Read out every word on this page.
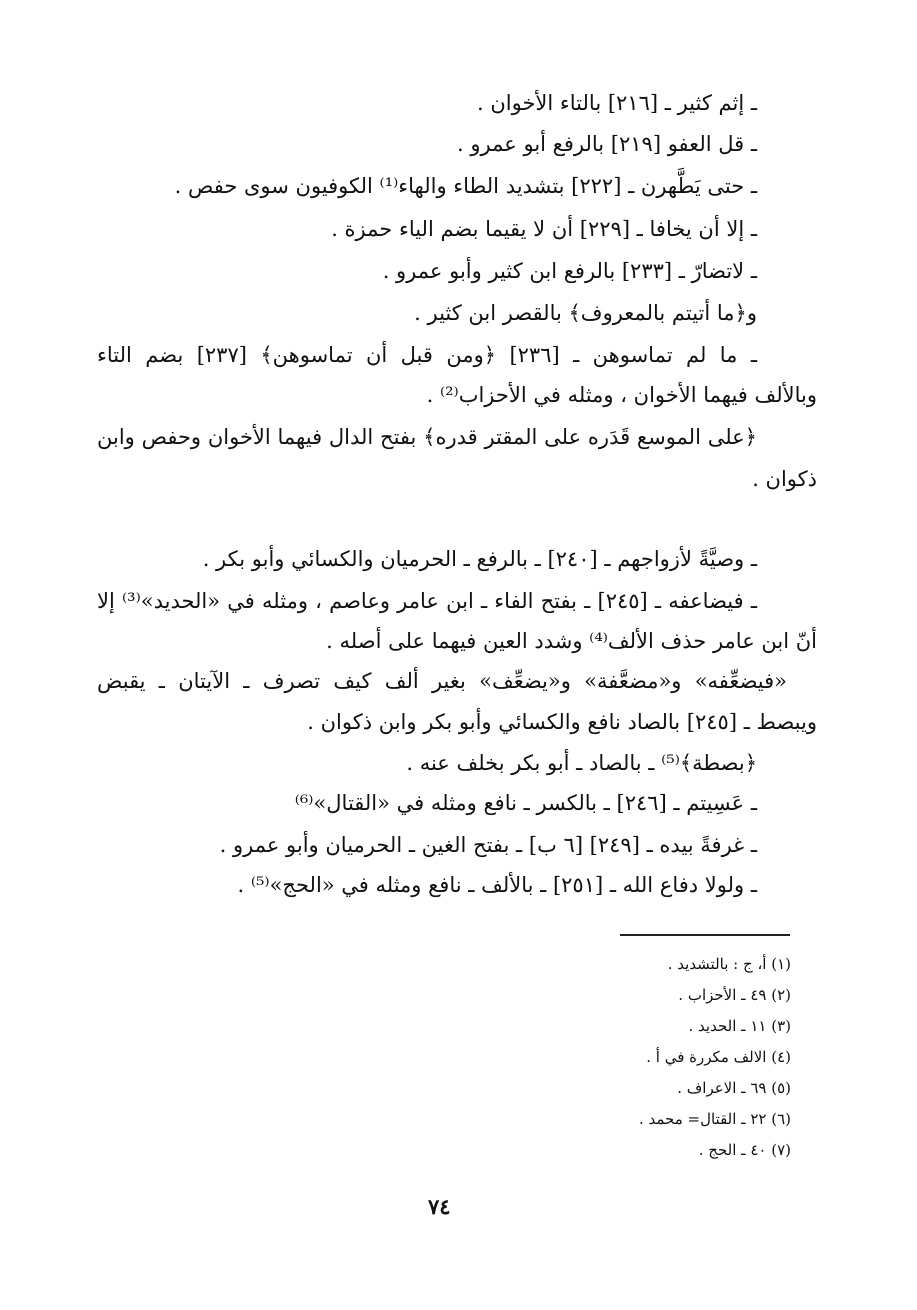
ـ إثم كثير ـ [٢١٦] بالتاء الأخوان .
ـ قل العفو [٢١٩] بالرفع أبو عمرو .
ـ حتى يَطَّهرن ـ [٢٢٢] بتشديد الطاء والهاء⁽¹⁾ الكوفيون سوى حفص .
ـ إلا أن يخافا ـ [٢٢٩] أن لا يقيما بضم الياء حمزة .
ـ لاتضارّ ـ [٢٣٣] بالرفع ابن كثير وأبو عمرو .
و﴿ما أتيتم بالمعروف﴾ بالقصر ابن كثير .
ـ ما لم تماسوهن ـ [٢٣٦] ﴿ومن قبل أن تماسوهن﴾ [٢٣٧] بضم التاء
وبالألف فيهما الأخوان ، ومثله في الأحزاب⁽²⁾ .
﴿على الموسع قَدَره على المقتر قدره﴾ بفتح الدال فيهما الأخوان وحفص وابن
ذكوان .
ـ وصيَّةً لأزواجهم ـ [٢٤٠] ـ بالرفع ـ الحرميان والكسائي وأبو بكر .
ـ فيضاعفه ـ [٢٤٥] ـ بفتح الفاء ـ ابن عامر وعاصم ، ومثله في «الحديد»⁽³⁾ إلا
أنّ ابن عامر حذف الألف⁽⁴⁾ وشدد العين فيهما على أصله .
«فيضعِّفه» و«مضعَّفة» و«يضعِّف» بغير ألف كيف تصرف ـ الآيتان ـ يقبض
ويبصط ـ [٢٤٥] بالصاد نافع والكسائي وأبو بكر وابن ذكوان .
﴿بصطة﴾⁽⁵⁾ ـ بالصاد ـ أبو بكر بخلف عنه .
ـ عَسِيتم ـ [٢٤٦] ـ بالكسر ـ نافع ومثله في «القتال»⁽⁶⁾
ـ غرفةً بيده ـ [٢٤٩] [٦ ب] ـ بفتح الغين ـ الحرميان وأبو عمرو .
ـ ولولا دفاع الله ـ [٢٥١] ـ بالألف ـ نافع ومثله في «الحج»⁽⁵⁾ .
(١) أ، ج : بالتشديد .
(٢) ٤٩ ـ الأحزاب .
(٣) ١١ ـ الحديد .
(٤) الالف مكررة في أ .
(٥) ٦٩ ـ الاعراف .
(٦) ٢٢ ـ القتال= محمد .
(٧) ٤٠ ـ الحج .
٧٤
